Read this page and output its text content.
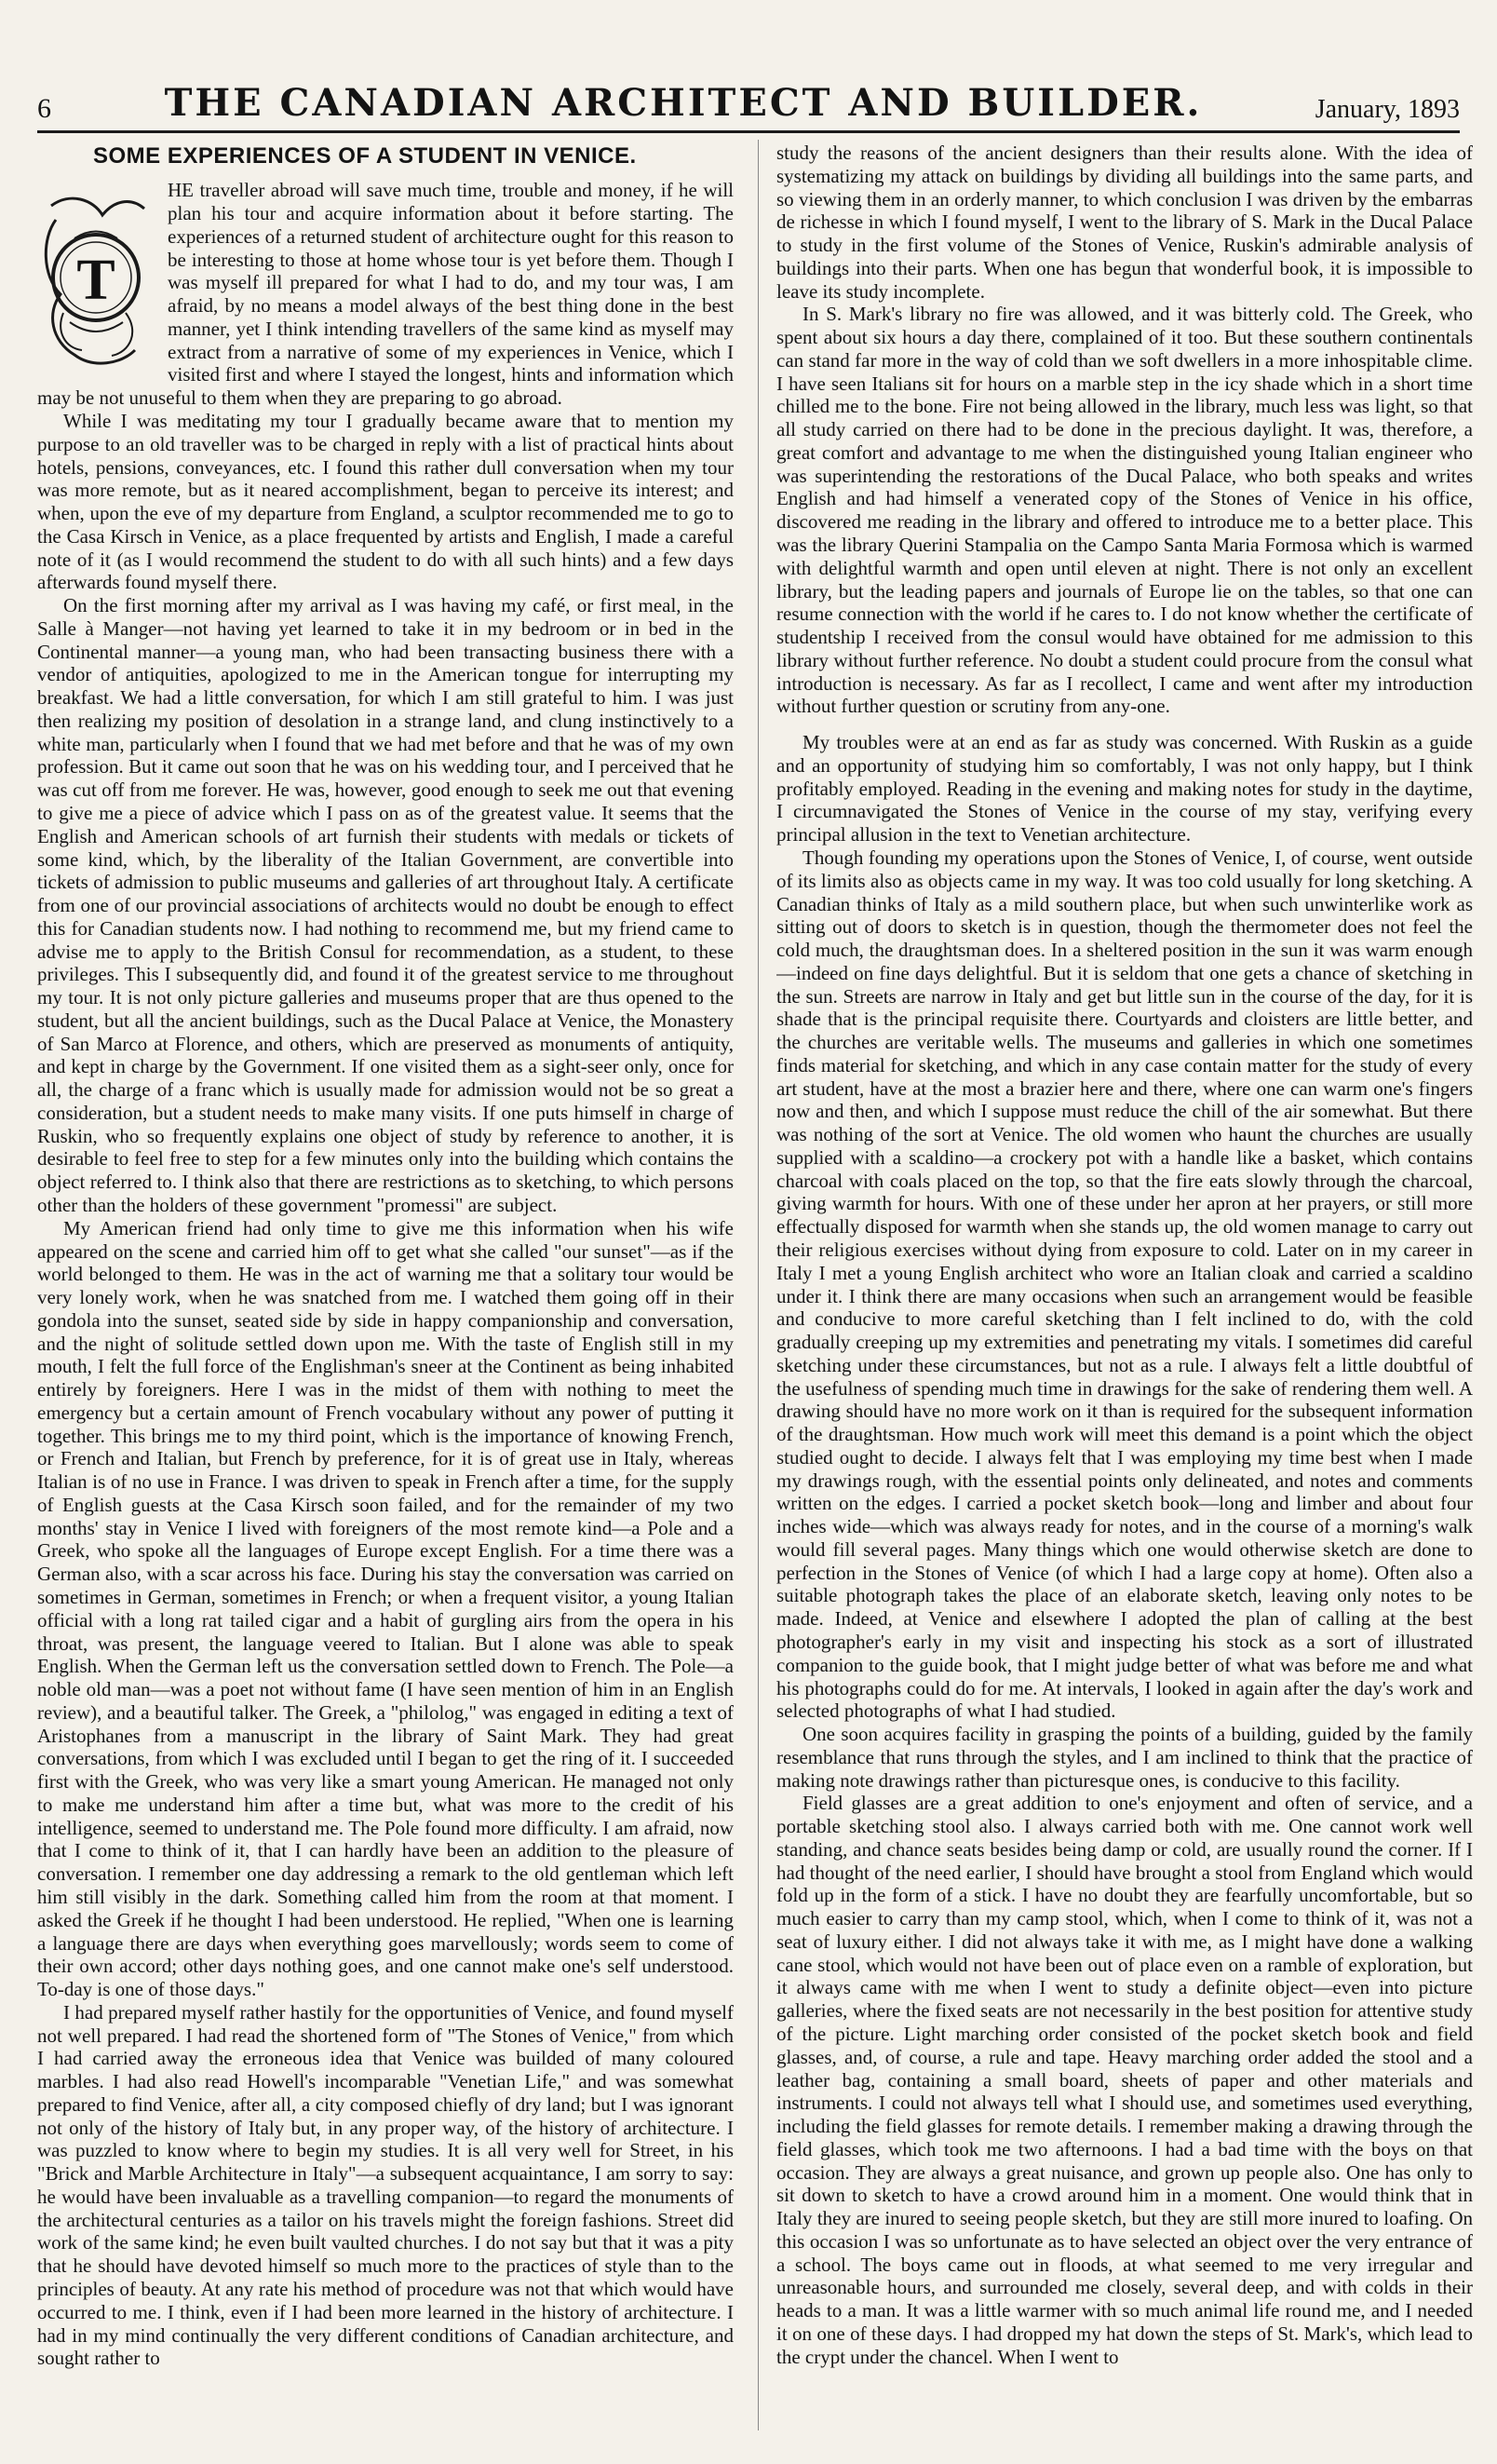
6	THE CANADIAN ARCHITECT AND BUILDER.	January, 1893
SOME EXPERIENCES OF A STUDENT IN VENICE.
T

HE traveller abroad will save much time, trouble and money, if he will plan his tour and acquire information about it before starting. The experiences of a returned student of architecture ought for this reason to be interesting to those at home whose tour is yet before them. Though I was myself ill prepared for what I had to do, and my tour was, I am afraid, by no means a model always of the best thing done in the best manner, yet I think intending travellers of the same kind as myself may extract from a narrative of some of my experiences in Venice, which I visited first and where I stayed the longest, hints and information which may be not unuseful to them when they are preparing to go abroad.

While I was meditating my tour I gradually became aware that to mention my purpose to an old traveller was to be charged in reply with a list of practical hints about hotels, pensions, conveyances, etc. I found this rather dull conversation when my tour was more remote, but as it neared accomplishment, began to perceive its interest; and when, upon the eve of my departure from England, a sculptor recommended me to go to the Casa Kirsch in Venice, as a place frequented by artists and English, I made a careful note of it (as I would recommend the student to do with all such hints) and a few days afterwards found myself there.

On the first morning after my arrival as I was having my café, or first meal, in the Salle à Manger—not having yet learned to take it in my bedroom or in bed in the Continental manner—a young man, who had been transacting business there with a vendor of antiquities, apologized to me in the American tongue for interrupting my breakfast. We had a little conversation, for which I am still grateful to him. I was just then realizing my position of desolation in a strange land, and clung instinctively to a white man, particularly when I found that we had met before and that he was of my own profession. But it came out soon that he was on his wedding tour, and I perceived that he was cut off from me forever. He was, however, good enough to seek me out that evening to give me a piece of advice which I pass on as of the greatest value. It seems that the English and American schools of art furnish their students with medals or tickets of some kind, which, by the liberality of the Italian Government, are convertible into tickets of admission to public museums and galleries of art throughout Italy. A certificate from one of our provincial associations of architects would no doubt be enough to effect this for Canadian students now. I had nothing to recommend me, but my friend came to advise me to apply to the British Consul for recommendation, as a student, to these privileges. This I subsequently did, and found it of the greatest service to me throughout my tour. It is not only picture galleries and museums proper that are thus opened to the student, but all the ancient buildings, such as the Ducal Palace at Venice, the Monastery of San Marco at Florence, and others, which are preserved as monuments of antiquity, and kept in charge by the Government. If one visited them as a sight-seer only, once for all, the charge of a franc which is usually made for admission would not be so great a consideration, but a student needs to make many visits. If one puts himself in charge of Ruskin, who so frequently explains one object of study by reference to another, it is desirable to feel free to step for a few minutes only into the building which contains the object referred to. I think also that there are restrictions as to sketching, to which persons other than the holders of these government "promessi" are subject.

My American friend had only time to give me this information when his wife appeared on the scene and carried him off to get what she called "our sunset"—as if the world belonged to them. He was in the act of warning me that a solitary tour would be very lonely work, when he was snatched from me. I watched them going off in their gondola into the sunset, seated side by side in happy companionship and conversation, and the night of solitude settled down upon me. With the taste of English still in my mouth, I felt the full force of the Englishman's sneer at the Continent as being inhabited entirely by foreigners. Here I was in the midst of them with nothing to meet the emergency but a certain amount of French vocabulary without any power of putting it together. This brings me to my third point, which is the importance of knowing French, or French and Italian, but French by preference, for it is of great use in Italy, whereas Italian is of no use in France. I was driven to speak in French after a time, for the supply of English guests at the Casa Kirsch soon failed, and for the remainder of my two months' stay in Venice I lived with foreigners of the most remote kind—a Pole and a Greek, who spoke all the languages of Europe except English. For a time there was a German also, with a scar across his face. During his stay the conversation was carried on sometimes in German, sometimes in French; or when a frequent visitor, a young Italian official with a long rat tailed cigar and a habit of gurgling airs from the opera in his throat, was present, the language veered to Italian. But I alone was able to speak English. When the German left us the conversation settled down to French. The Pole—a noble old man—was a poet not without fame (I have seen mention of him in an English review), and a beautiful talker. The Greek, a "philolog," was engaged in editing a text of Aristophanes from a manuscript in the library of Saint Mark. They had great conversations, from which I was excluded until I began to get the ring of it. I succeeded first with the Greek, who was very like a smart young American. He managed not only to make me understand him after a time but, what was more to the credit of his intelligence, seemed to understand me. The Pole found more difficulty. I am afraid, now that I come to think of it, that I can hardly have been an addition to the pleasure of conversation. I remember one day addressing a remark to the old gentleman which left him still visibly in the dark. Something called him from the room at that moment. I asked the Greek if he thought I had been understood. He replied, "When one is learning a language there are days when everything goes marvellously; words seem to come of their own accord; other days nothing goes, and one cannot make one's self understood. To-day is one of those days."

I had prepared myself rather hastily for the opportunities of Venice, and found myself not well prepared. I had read the shortened form of "The Stones of Venice," from which I had carried away the erroneous idea that Venice was builded of many coloured marbles. I had also read Howell's incomparable "Venetian Life," and was somewhat prepared to find Venice, after all, a city composed chiefly of dry land; but I was ignorant not only of the history of Italy but, in any proper way, of the history of architecture. I was puzzled to know where to begin my studies. It is all very well for Street, in his "Brick and Marble Architecture in Italy"—a subsequent acquaintance, I am sorry to say: he would have been invaluable as a travelling companion—to regard the monuments of the architectural centuries as a tailor on his travels might the foreign fashions. Street did work of the same kind; he even built vaulted churches. I do not say but that it was a pity that he should have devoted himself so much more to the practices of style than to the principles of beauty. At any rate his method of procedure was not that which would have occurred to me. I think, even if I had been more learned in the history of architecture. I had in my mind continually the very different conditions of Canadian architecture, and sought rather to

study the reasons of the ancient designers than their results alone. With the idea of systematizing my attack on buildings by dividing all buildings into the same parts, and so viewing them in an orderly manner, to which conclusion I was driven by the embarras de richesse in which I found myself, I went to the library of S. Mark in the Ducal Palace to study in the first volume of the Stones of Venice, Ruskin's admirable analysis of buildings into their parts. When one has begun that wonderful book, it is impossible to leave its study incomplete.

In S. Mark's library no fire was allowed, and it was bitterly cold. The Greek, who spent about six hours a day there, complained of it too. But these southern continentals can stand far more in the way of cold than we soft dwellers in a more inhospitable clime. I have seen Italians sit for hours on a marble step in the icy shade which in a short time chilled me to the bone. Fire not being allowed in the library, much less was light, so that all study carried on there had to be done in the precious daylight. It was, therefore, a great comfort and advantage to me when the distinguished young Italian engineer who was superintending the restorations of the Ducal Palace, who both speaks and writes English and had himself a venerated copy of the Stones of Venice in his office, discovered me reading in the library and offered to introduce me to a better place. This was the library Querini Stampalia on the Campo Santa Maria Formosa which is warmed with delightful warmth and open until eleven at night. There is not only an excellent library, but the leading papers and journals of Europe lie on the tables, so that one can resume connection with the world if he cares to. I do not know whether the certificate of studentship I received from the consul would have obtained for me admission to this library without further reference. No doubt a student could procure from the consul what introduction is necessary. As far as I recollect, I came and went after my introduction without further question or scrutiny from any-one.

My troubles were at an end as far as study was concerned. With Ruskin as a guide and an opportunity of studying him so comfortably, I was not only happy, but I think profitably employed. Reading in the evening and making notes for study in the daytime, I circumnavigated the Stones of Venice in the course of my stay, verifying every principal allusion in the text to Venetian architecture.

Though founding my operations upon the Stones of Venice, I, of course, went outside of its limits also as objects came in my way. It was too cold usually for long sketching. A Canadian thinks of Italy as a mild southern place, but when such unwinterlike work as sitting out of doors to sketch is in question, though the thermometer does not feel the cold much, the draughtsman does. In a sheltered position in the sun it was warm enough—indeed on fine days delightful. But it is seldom that one gets a chance of sketching in the sun. Streets are narrow in Italy and get but little sun in the course of the day, for it is shade that is the principal requisite there. Courtyards and cloisters are little better, and the churches are veritable wells. The museums and galleries in which one sometimes finds material for sketching, and which in any case contain matter for the study of every art student, have at the most a brazier here and there, where one can warm one's fingers now and then, and which I suppose must reduce the chill of the air somewhat. But there was nothing of the sort at Venice. The old women who haunt the churches are usually supplied with a scaldino—a crockery pot with a handle like a basket, which contains charcoal with coals placed on the top, so that the fire eats slowly through the charcoal, giving warmth for hours. With one of these under her apron at her prayers, or still more effectually disposed for warmth when she stands up, the old women manage to carry out their religious exercises without dying from exposure to cold. Later on in my career in Italy I met a young English architect who wore an Italian cloak and carried a scaldino under it. I think there are many occasions when such an arrangement would be feasible and conducive to more careful sketching than I felt inclined to do, with the cold gradually creeping up my extremities and penetrating my vitals. I sometimes did careful sketching under these circumstances, but not as a rule. I always felt a little doubtful of the usefulness of spending much time in drawings for the sake of rendering them well. A drawing should have no more work on it than is required for the subsequent information of the draughtsman. How much work will meet this demand is a point which the object studied ought to decide. I always felt that I was employing my time best when I made my drawings rough, with the essential points only delineated, and notes and comments written on the edges. I carried a pocket sketch book—long and limber and about four inches wide—which was always ready for notes, and in the course of a morning's walk would fill several pages. Many things which one would otherwise sketch are done to perfection in the Stones of Venice (of which I had a large copy at home). Often also a suitable photograph takes the place of an elaborate sketch, leaving only notes to be made. Indeed, at Venice and elsewhere I adopted the plan of calling at the best photographer's early in my visit and inspecting his stock as a sort of illustrated companion to the guide book, that I might judge better of what was before me and what his photographs could do for me. At intervals, I looked in again after the day's work and selected photographs of what I had studied.

One soon acquires facility in grasping the points of a building, guided by the family resemblance that runs through the styles, and I am inclined to think that the practice of making note drawings rather than picturesque ones, is conducive to this facility.

Field glasses are a great addition to one's enjoyment and often of service, and a portable sketching stool also. I always carried both with me. One cannot work well standing, and chance seats besides being damp or cold, are usually round the corner. If I had thought of the need earlier, I should have brought a stool from England which would fold up in the form of a stick. I have no doubt they are fearfully uncomfortable, but so much easier to carry than my camp stool, which, when I come to think of it, was not a seat of luxury either. I did not always take it with me, as I might have done a walking cane stool, which would not have been out of place even on a ramble of exploration, but it always came with me when I went to study a definite object—even into picture galleries, where the fixed seats are not necessarily in the best position for attentive study of the picture. Light marching order consisted of the pocket sketch book and field glasses, and, of course, a rule and tape. Heavy marching order added the stool and a leather bag, containing a small board, sheets of paper and other materials and instruments. I could not always tell what I should use, and sometimes used everything, including the field glasses for remote details. I remember making a drawing through the field glasses, which took me two afternoons. I had a bad time with the boys on that occasion. They are always a great nuisance, and grown up people also. One has only to sit down to sketch to have a crowd around him in a moment. One would think that in Italy they are inured to seeing people sketch, but they are still more inured to loafing. On this occasion I was so unfortunate as to have selected an object over the very entrance of a school. The boys came out in floods, at what seemed to me very irregular and unreasonable hours, and surrounded me closely, several deep, and with colds in their heads to a man. It was a little warmer with so much animal life round me, and I needed it on one of these days. I had dropped my hat down the steps of St. Mark's, which lead to the crypt under the chancel. When I went to
